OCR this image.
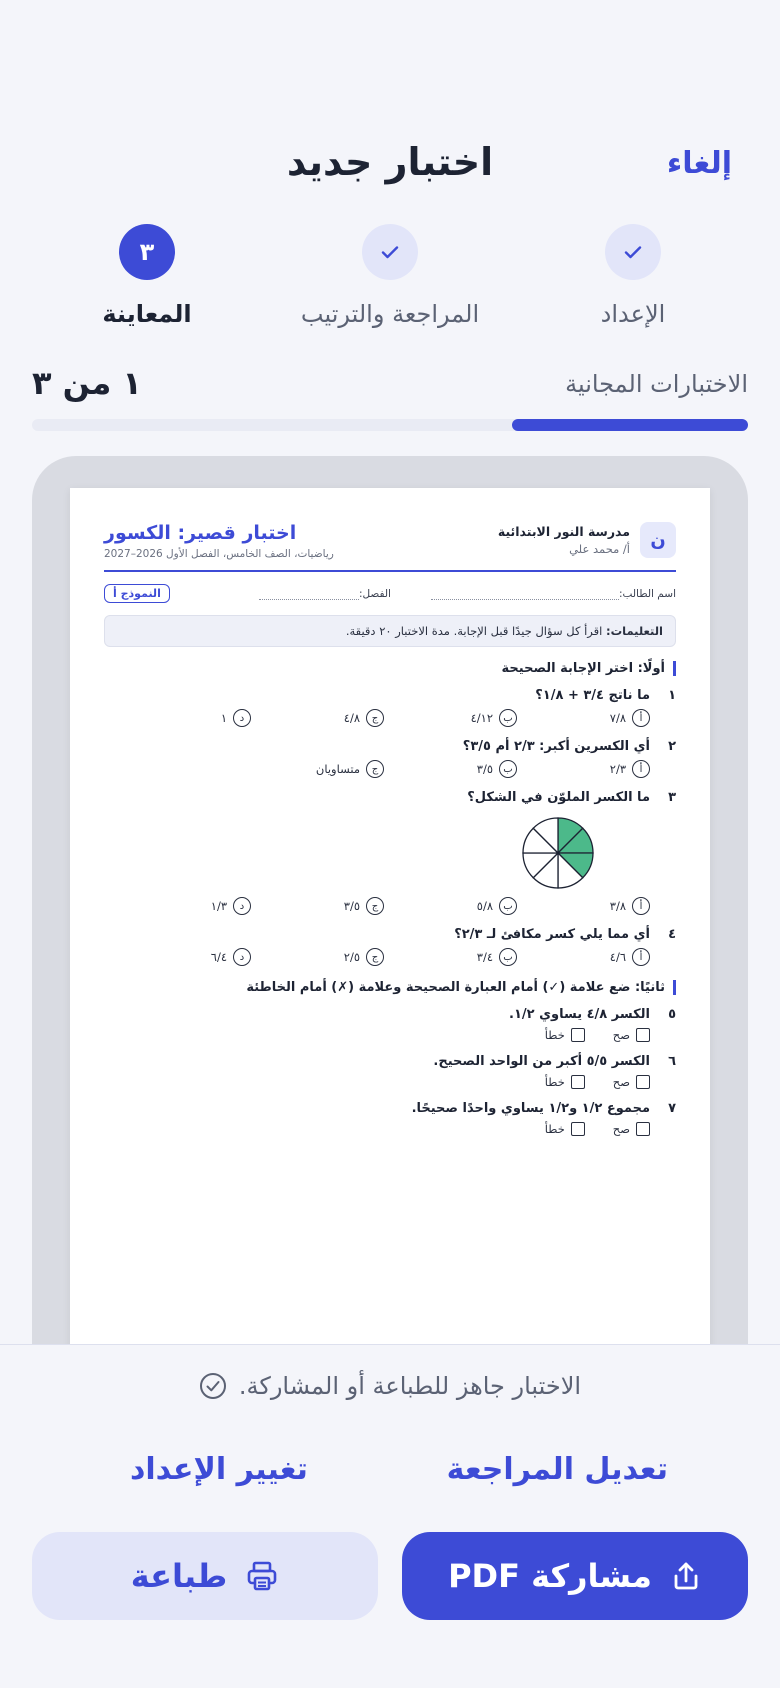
اختبار جديد	إلغاء
٣
المعاينة	المراجعة والترتيب	الإعداد
الاختبارات المجانية
١ من ٣
ن
مدرسة النور الابتدائية
أ/ محمد علي
اختبار قصير: الكسور
رياضيات، الصف الخامس، الفصل الأول 2026–2027
اسم الطالب:
الفصل:
النموذج أ
التعليمات: اقرأ كل سؤال جيدًا قبل الإجابة. مدة الاختبار ٢٠ دقيقة.
أولًا: اختر الإجابة الصحيحة
١
ما ناتج ٣/٤ + ١/٨؟
أ
٧/٨
ب
٤/١٢
ج
٤/٨
د
١
٢
أي الكسرين أكبر: ٢/٣ أم ٣/٥؟
أ
٢/٣
ب
٣/٥
ج
متساويان
٣
ما الكسر الملوّن في الشكل؟
أ
٣/٨
ب
٥/٨
ج
٣/٥
د
١/٣
٤
أي مما يلي كسر مكافئ لـ ٢/٣؟
أ
٤/٦
ب
٣/٤
ج
٢/٥
د
٦/٤
ثانيًا: ضع علامة (✓) أمام العبارة الصحيحة وعلامة (✗) أمام الخاطئة
٥
الكسر ٤/٨ يساوي ١/٢.
صح
خطأ
٦
الكسر ٥/٥ أكبر من الواحد الصحيح.
صح
خطأ
٧
مجموع ١/٢ و١/٢ يساوي واحدًا صحيحًا.
صح
خطأ
الاختبار جاهز للطباعة أو المشاركة.
تعديل المراجعة
تغيير الإعداد
مشاركة PDF
طباعة
